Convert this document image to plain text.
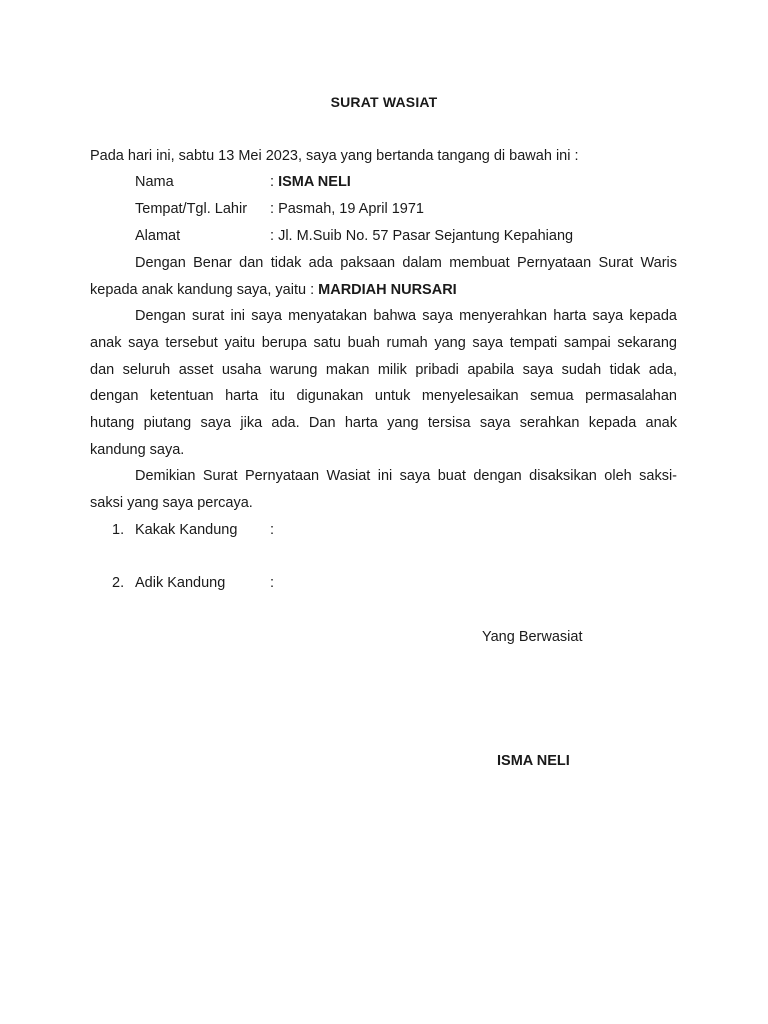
SURAT WASIAT
Pada hari ini, sabtu 13 Mei 2023, saya yang bertanda tangang di bawah ini :
Nama	: ISMA NELI
Tempat/Tgl. Lahir : Pasmah, 19 April 1971
Alamat	: Jl. M.Suib No. 57 Pasar Sejantung Kepahiang
Dengan Benar dan tidak ada paksaan dalam membuat Pernyataan Surat Waris
kepada anak kandung saya, yaitu : MARDIAH NURSARI
Dengan surat ini saya menyatakan bahwa saya menyerahkan harta saya kepada
anak saya tersebut yaitu berupa satu buah rumah yang saya tempati sampai sekarang
dan seluruh asset usaha warung makan milik pribadi apabila saya sudah tidak ada,
dengan ketentuan harta itu digunakan untuk menyelesaikan semua permasalahan
hutang piutang saya jika ada. Dan harta yang tersisa saya serahkan kepada anak
kandung saya.
Demikian Surat Pernyataan Wasiat ini saya buat dengan disaksikan oleh saksi-
saksi yang saya percaya.
1. Kakak Kandung :
2. Adik Kandung	:
Yang Berwasiat
ISMA NELI
